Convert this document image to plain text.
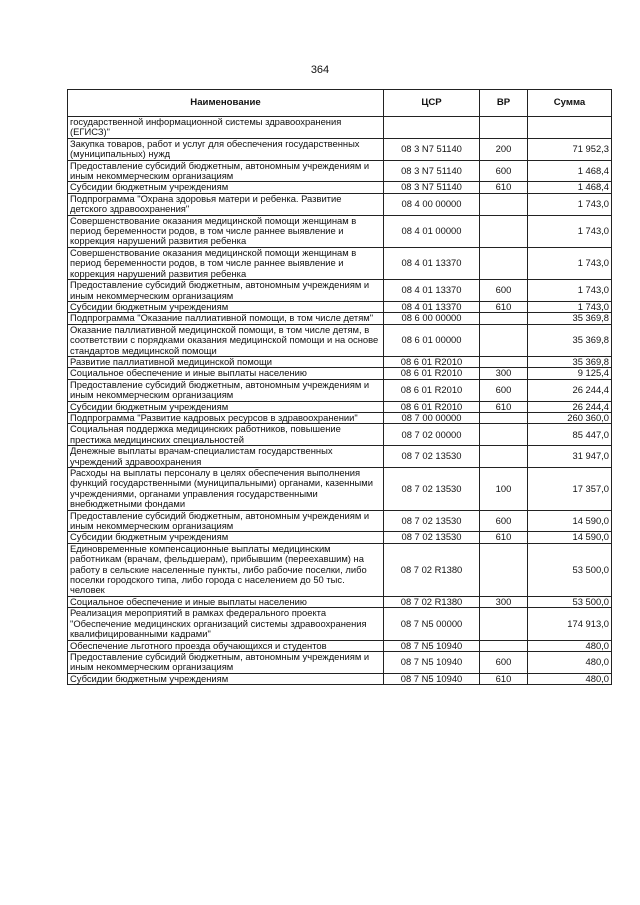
364
Наименование	ЦСР	ВР	Сумма
государственной информационной системы здравоохранения (ЕГИСЗ)"			
Закупка товаров, работ и услуг для обеспечения государственных (муниципальных) нужд	08 3 N7 51140	200	71 952,3
Предоставление субсидий бюджетным, автономным учреждениям и иным некоммерческим организациям	08 3 N7 51140	600	1 468,4
Субсидии бюджетным учреждениям	08 3 N7 51140	610	1 468,4
Подпрограмма "Охрана здоровья матери и ребенка. Развитие детского здравоохранения"	08 4 00 00000		1 743,0
Совершенствование оказания медицинской помощи женщинам в период беременности родов, в том числе раннее выявление и коррекция нарушений развития ребенка	08 4 01 00000		1 743,0
Совершенствование оказания медицинской помощи женщинам в период беременности родов, в том числе раннее выявление и коррекция нарушений развития ребенка	08 4 01 13370		1 743,0
Предоставление субсидий бюджетным, автономным учреждениям и иным некоммерческим организациям	08 4 01 13370	600	1 743,0
Субсидии бюджетным учреждениям	08 4 01 13370	610	1 743,0
Подпрограмма "Оказание паллиативной помощи, в том числе детям"	08 6 00 00000		35 369,8
Оказание паллиативной медицинской помощи, в том числе детям, в соответствии с порядками оказания медицинской помощи и на основе стандартов медицинской помощи	08 6 01 00000		35 369,8
Развитие паллиативной медицинской помощи	08 6 01 R2010		35 369,8
Социальное обеспечение и иные выплаты населению	08 6 01 R2010	300	9 125,4
Предоставление субсидий бюджетным, автономным учреждениям и иным некоммерческим организациям	08 6 01 R2010	600	26 244,4
Субсидии бюджетным учреждениям	08 6 01 R2010	610	26 244,4
Подпрограмма "Развитие кадровых ресурсов в здравоохранении"	08 7 00 00000		260 360,0
Социальная поддержка медицинских работников, повышение престижа медицинских специальностей	08 7 02 00000		85 447,0
Денежные выплаты врачам-специалистам государственных учреждений здравоохранения	08 7 02 13530		31 947,0
Расходы на выплаты персоналу в целях обеспечения выполнения функций государственными (муниципальными) органами, казенными учреждениями, органами управления государственными внебюджетными фондами	08 7 02 13530	100	17 357,0
Предоставление субсидий бюджетным, автономным учреждениям и иным некоммерческим организациям	08 7 02 13530	600	14 590,0
Субсидии бюджетным учреждениям	08 7 02 13530	610	14 590,0
Единовременные компенсационные выплаты медицинским работникам (врачам, фельдшерам), прибывшим (переехавшим) на работу в сельские населенные пункты, либо рабочие поселки, либо поселки городского типа, либо города с населением до 50 тыс. человек	08 7 02 R1380		53 500,0
Социальное обеспечение и иные выплаты населению	08 7 02 R1380	300	53 500,0
Реализация мероприятий в рамках федерального проекта "Обеспечение медицинских организаций системы здравоохранения квалифицированными кадрами"	08 7 N5 00000		174 913,0
Обеспечение льготного проезда обучающихся и студентов	08 7 N5 10940		480,0
Предоставление субсидий бюджетным, автономным учреждениям и иным некоммерческим организациям	08 7 N5 10940	600	480,0
Субсидии бюджетным учреждениям	08 7 N5 10940	610	480,0
